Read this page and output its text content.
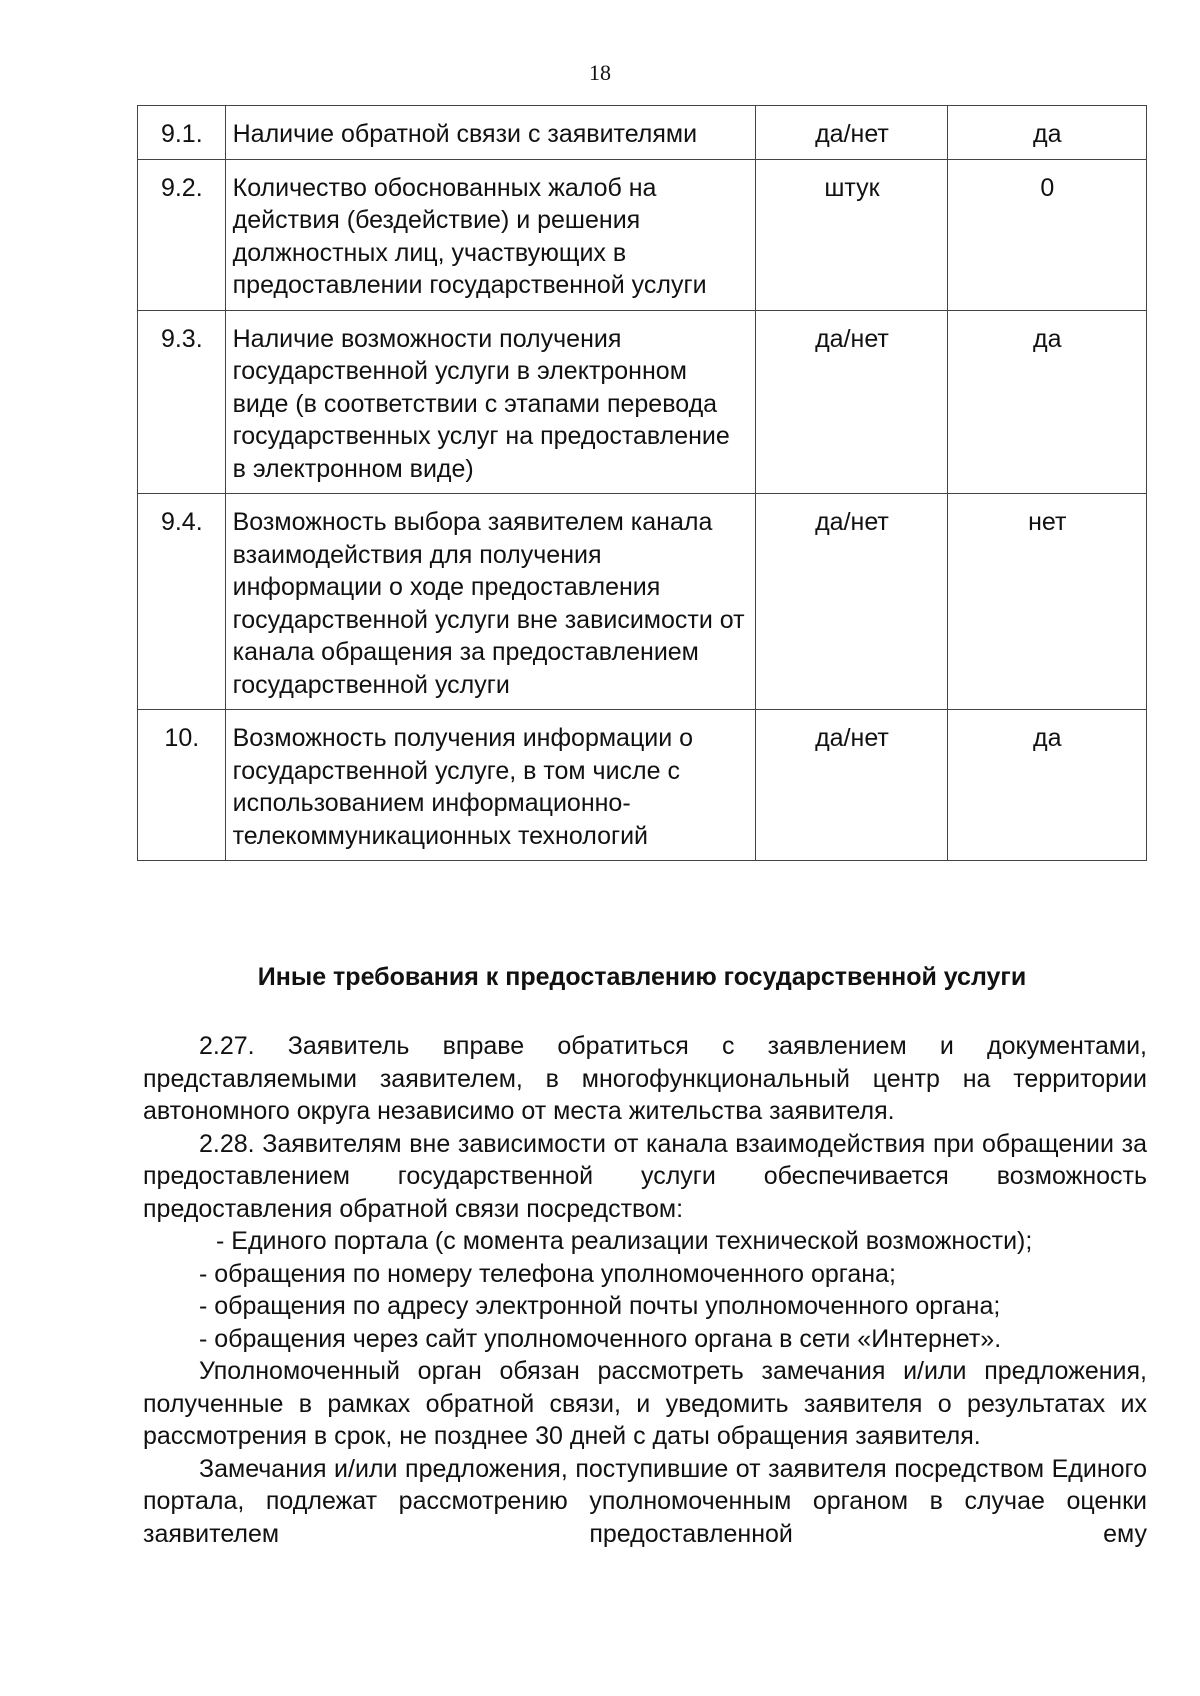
18
9.1.	Наличие обратной связи с заявителями	да/нет	да
9.2.	Количество обоснованных жалоб на действия (бездействие) и решения должностных лиц, участвующих в предоставлении государственной услуги	штук	0
9.3.	Наличие возможности получения государственной услуги в электронном виде (в соответствии с этапами перевода государственных услуг на предоставление в электронном виде)	да/нет	да
9.4.	Возможность выбора заявителем канала взаимодействия для получения информации о ходе предоставления государственной услуги вне зависимости от канала обращения за предоставлением государственной услуги	да/нет	нет
10.	Возможность получения информации о государственной услуге, в том числе с использованием информационно-телекоммуникационных технологий	да/нет	да
Иные требования к предоставлению государственной услуги

2.27. Заявитель вправе обратиться с заявлением и документами, представляемыми заявителем, в многофункциональный центр на территории автономного округа независимо от места жительства заявителя.

2.28. Заявителям вне зависимости от канала взаимодействия при обращении за предоставлением государственной услуги обеспечивается возможность предоставления обратной связи посредством:

- Единого портала (с момента реализации технической возможности);
- обращения по номеру телефона уполномоченного органа;
- обращения по адресу электронной почты уполномоченного органа;
- обращения через сайт уполномоченного органа в сети «Интернет».

Уполномоченный орган обязан рассмотреть замечания и/или предложения, полученные в рамках обратной связи, и уведомить заявителя о результатах их рассмотрения в срок, не позднее 30 дней с даты обращения заявителя.

Замечания и/или предложения, поступившие от заявителя посредством Единого портала, подлежат рассмотрению уполномоченным органом в случае оценки заявителем предоставленной ему
